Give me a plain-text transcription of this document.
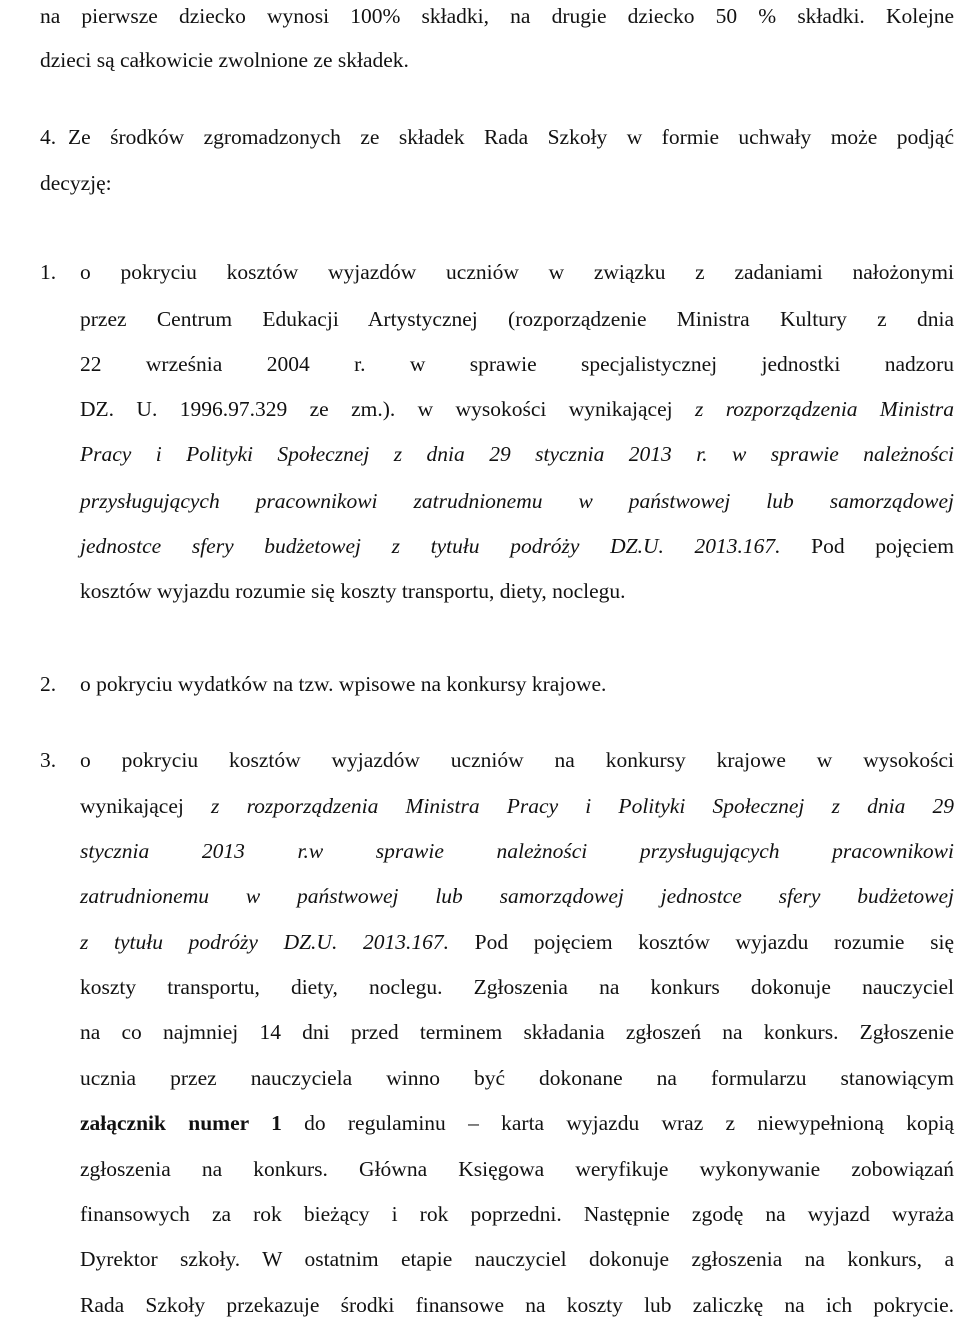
na pierwsze dziecko wynosi 100% składki, na drugie dziecko 50 % składki. Kolejne
dzieci są całkowicie zwolnione ze składek.
4. Ze środków zgromadzonych ze składek Rada Szkoły w formie uchwały może podjąć
decyzję:
1. o pokryciu kosztów wyjazdów uczniów w związku z zadaniami nałożonymi
przez Centrum Edukacji Artystycznej (rozporządzenie Ministra Kultury z dnia
22 września 2004 r. w sprawie specjalistycznej jednostki nadzoru
DZ. U. 1996.97.329 ze zm.). w wysokości wynikającej z rozporządzenia Ministra
Pracy i Polityki Społecznej z dnia 29 stycznia 2013 r. w sprawie należności
przysługujących pracownikowi zatrudnionemu w państwowej lub samorządowej
jednostce sfery budżetowej z tytułu podróży DZ.U. 2013.167. Pod pojęciem
kosztów wyjazdu rozumie się koszty transportu, diety, noclegu.
2. o pokryciu wydatków na tzw. wpisowe na konkursy krajowe.
3. o pokryciu kosztów wyjazdów uczniów na konkursy krajowe w wysokości
wynikającej z rozporządzenia Ministra Pracy i Polityki Społecznej z dnia 29
stycznia 2013 r.w sprawie należności przysługujących pracownikowi
zatrudnionemu w państwowej lub samorządowej jednostce sfery budżetowej
z tytułu podróży DZ.U. 2013.167. Pod pojęciem kosztów wyjazdu rozumie się
koszty transportu, diety, noclegu. Zgłoszenia na konkurs dokonuje nauczyciel
na co najmniej 14 dni przed terminem składania zgłoszeń na konkurs. Zgłoszenie
ucznia przez nauczyciela winno być dokonane na formularzu stanowiącym
załącznik numer 1 do regulaminu – karta wyjazdu wraz z niewypełnioną kopią
zgłoszenia na konkurs. Główna Księgowa weryfikuje wykonywanie zobowiązań
finansowych za rok bieżący i rok poprzedni. Następnie zgodę na wyjazd wyraża
Dyrektor szkoły. W ostatnim etapie nauczyciel dokonuje zgłoszenia na konkurs, a
Rada Szkoły przekazuje środki finansowe na koszty lub zaliczkę na ich pokrycie.
